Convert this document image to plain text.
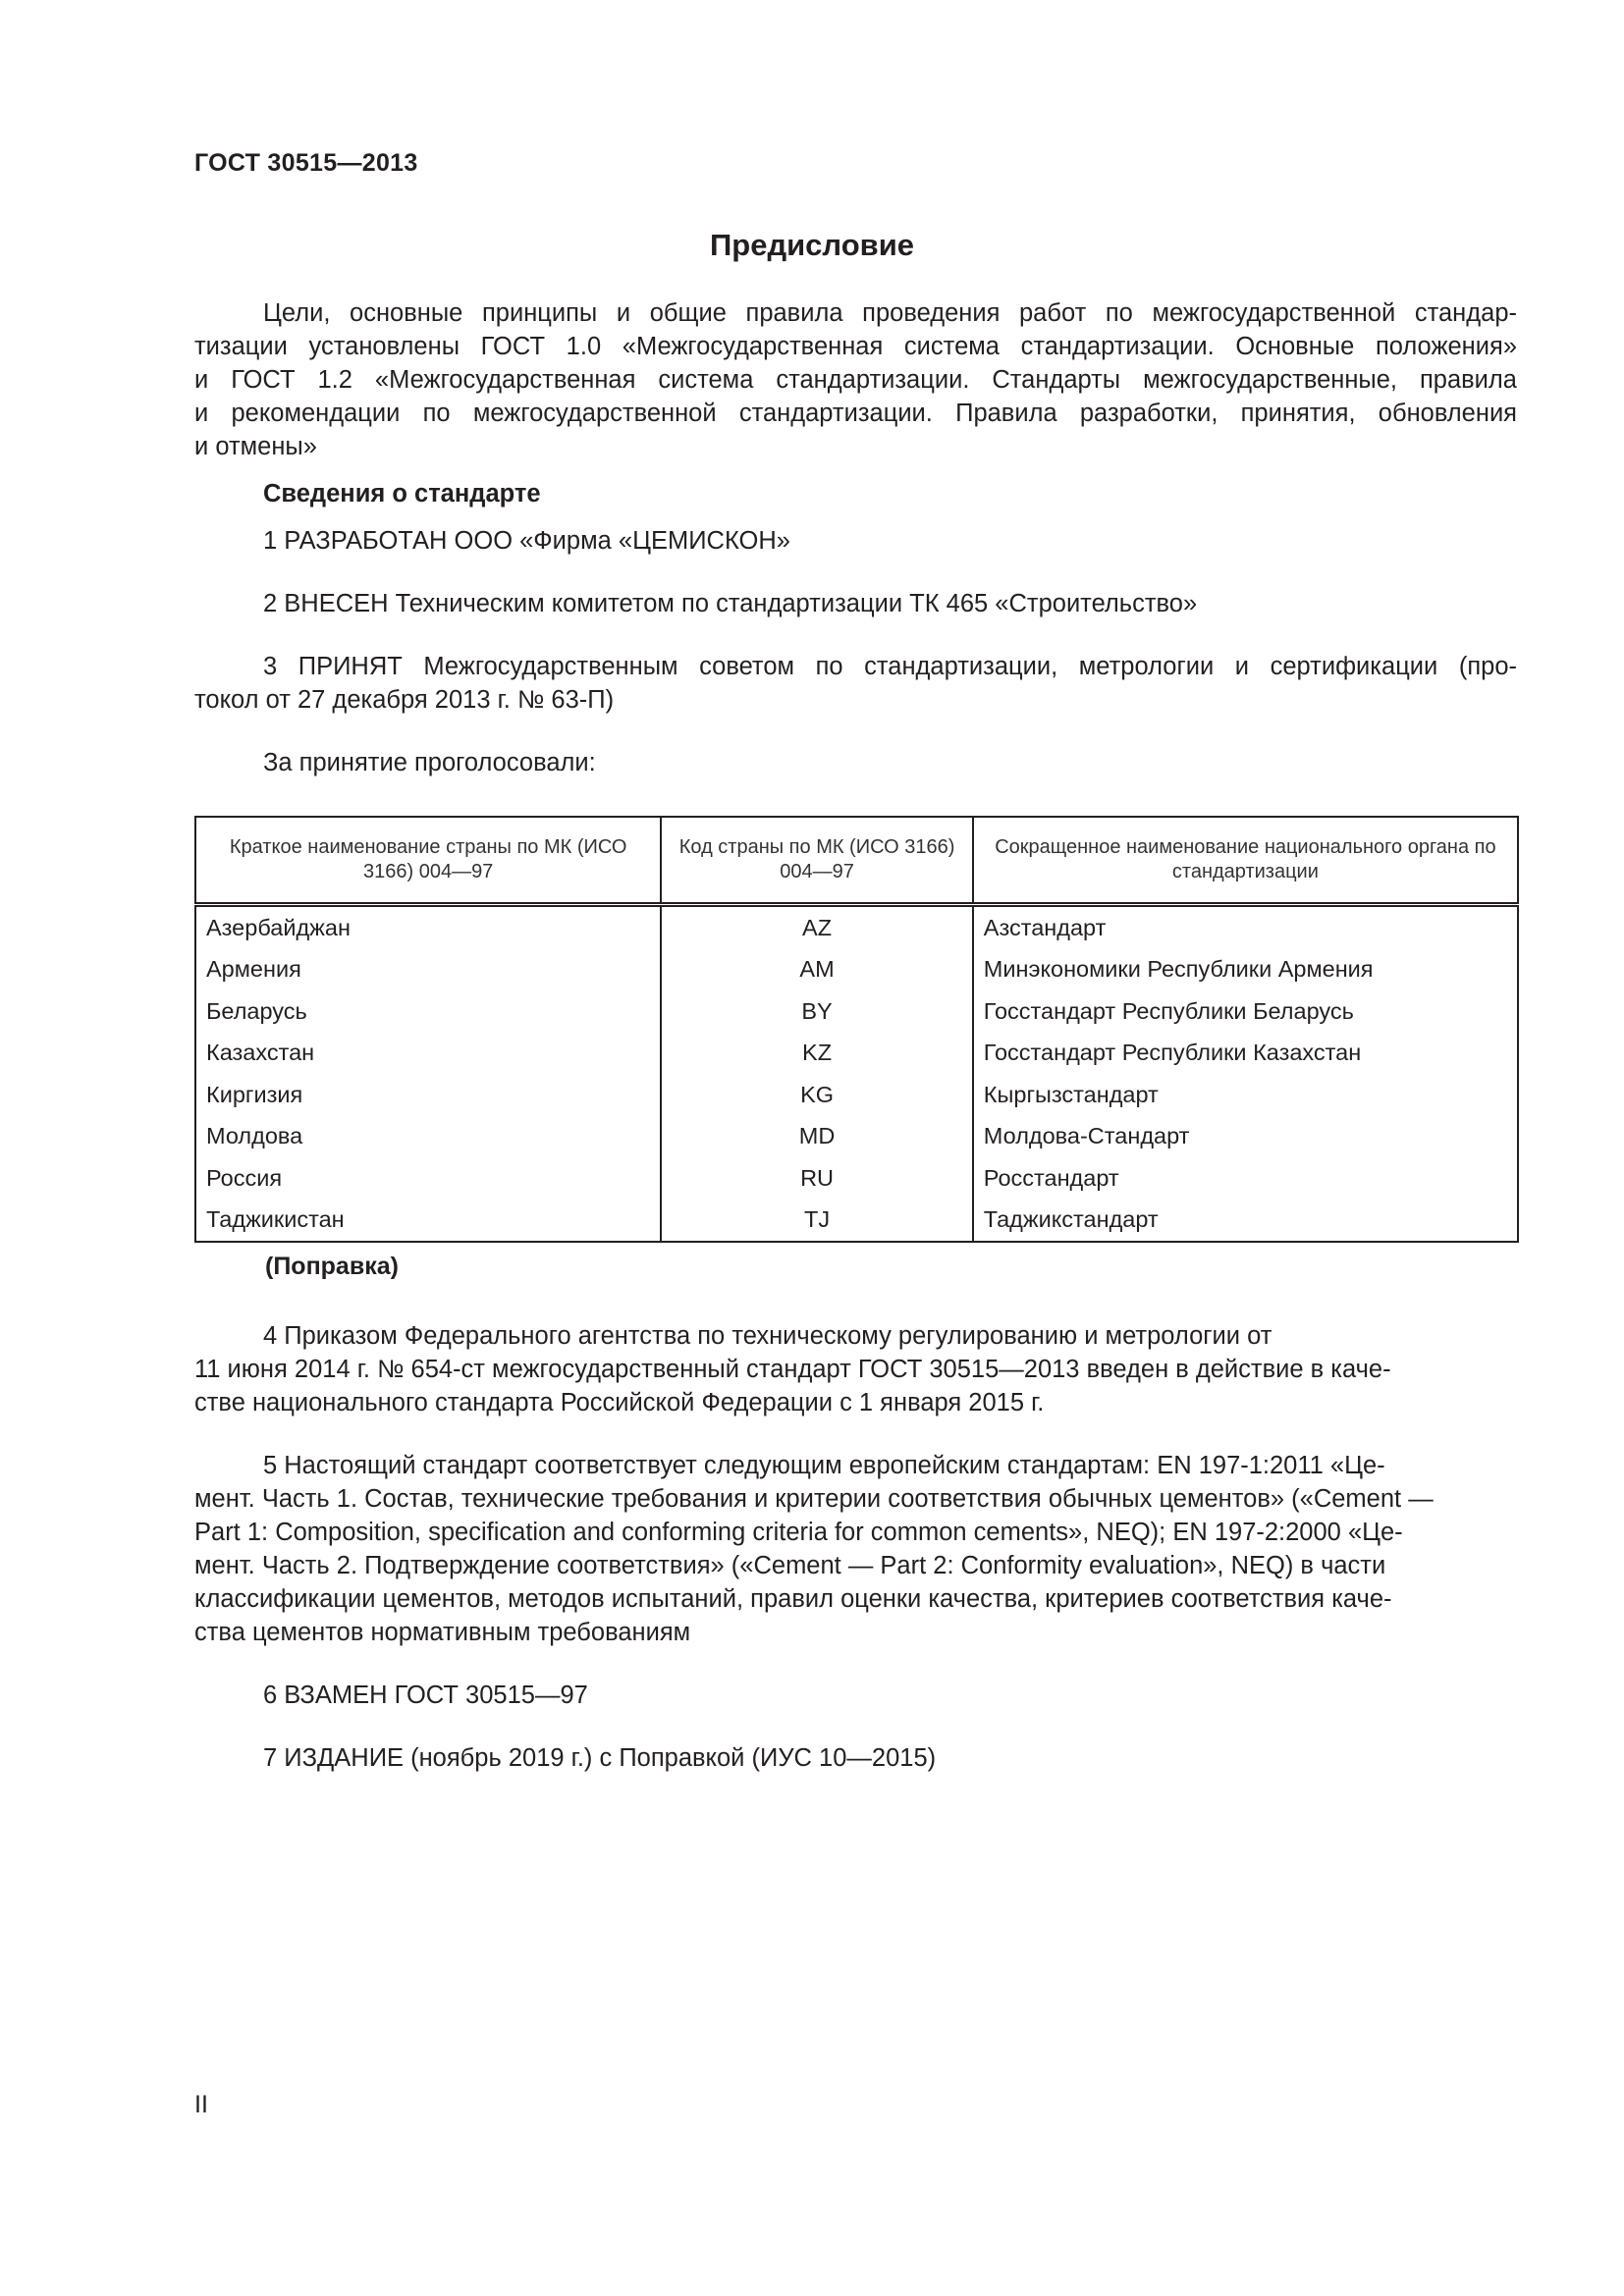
ГОСТ 30515—2013
Предисловие

Цели, основные принципы и общие правила проведения работ по межгосударственной стандар-

тизации установлены ГОСТ 1.0 «Межгосударственная система стандартизации. Основные положения»

и ГОСТ 1.2 «Межгосударственная система стандартизации. Стандарты межгосударственные, правила

и рекомендации по межгосударственной стандартизации. Правила разработки, принятия, обновления

и отмены»

Сведения о стандарте

1 РАЗРАБОТАН ООО «Фирма «ЦЕМИСКОН»

2 ВНЕСЕН Техническим комитетом по стандартизации ТК 465 «Строительство»

3 ПРИНЯТ Межгосударственным советом по стандартизации, метрологии и сертификации (про-

токол от 27 декабря 2013 г. № 63-П)

За принятие проголосовали:

Краткое наименование страны по МК (ИСО 3166) 004—97	Код страны по МК (ИСО 3166) 004—97	Сокращенное наименование национального органа по стандартизации
Азербайджан	AZ	Азстандарт
Армения	AM	Минэкономики Республики Армения
Беларусь	BY	Госстандарт Республики Беларусь
Казахстан	KZ	Госстандарт Республики Казахстан
Киргизия	KG	Кыргызстандарт
Молдова	MD	Молдова-Стандарт
Россия	RU	Росстандарт
Таджикистан	TJ	Таджикстандарт
(Поправка)

4 Приказом Федерального агентства по техническому регулированию и метрологии от

11 июня 2014 г. № 654-ст межгосударственный стандарт ГОСТ 30515—2013 введен в действие в каче-

стве национального стандарта Российской Федерации с 1 января 2015 г.

5 Настоящий стандарт соответствует следующим европейским стандартам: EN 197-1:2011 «Це-

мент. Часть 1. Состав, технические требования и критерии соответствия обычных цементов» («Cement —

Part 1: Composition, specification and conforming criteria for common cements», NEQ); EN 197-2:2000 «Це-

мент. Часть 2. Подтверждение соответствия» («Cement — Part 2: Conformity evaluation», NEQ) в части

классификации цементов, методов испытаний, правил оценки качества, критериев соответствия каче-

ства цементов нормативным требованиям

6 ВЗАМЕН ГОСТ 30515—97

7 ИЗДАНИЕ (ноябрь 2019 г.) с Поправкой (ИУС 10—2015)

II
